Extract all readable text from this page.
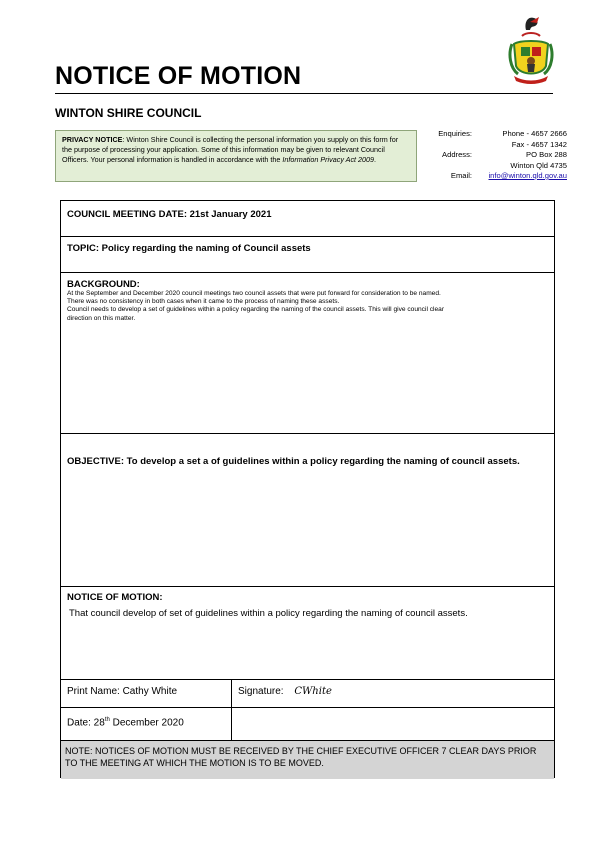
NOTICE OF MOTION
WINTON SHIRE COUNCIL
PRIVACY NOTICE: Winton Shire Council is collecting the personal information you supply on this form for the purpose of processing your application. Some of this information may be given to relevant Council Officers. Your personal information is handled in accordance with the Information Privacy Act 2009.
Enquiries:	Phone - 4657 2666
Fax - 4657 1342
Address:	PO Box 288
Winton Qld 4735
Email: info@winton.qld.gov.au
COUNCIL MEETING DATE: 21st January 2021
TOPIC: Policy regarding the naming of Council assets
BACKGROUND:
At the September and December 2020 council meetings two council assets that were put forward for consideration to be named.
There was no consistency in both cases when it came to the process of naming these assets.
Council needs to develop a set of guidelines within a policy regarding the naming of the council assets. This will give council clear
direction on this matter.
OBJECTIVE: To develop a set a of guidelines within a policy regarding the naming of council assets.
NOTICE OF MOTION:
That council develop of set of guidelines within a policy regarding the naming of council assets.
Print Name: Cathy White	Signature: CWhite
Date: 28th December 2020
NOTE: NOTICES OF MOTION MUST BE RECEIVED BY THE CHIEF EXECUTIVE OFFICER 7 CLEAR DAYS PRIOR TO THE MEETING AT WHICH THE MOTION IS TO BE MOVED.
